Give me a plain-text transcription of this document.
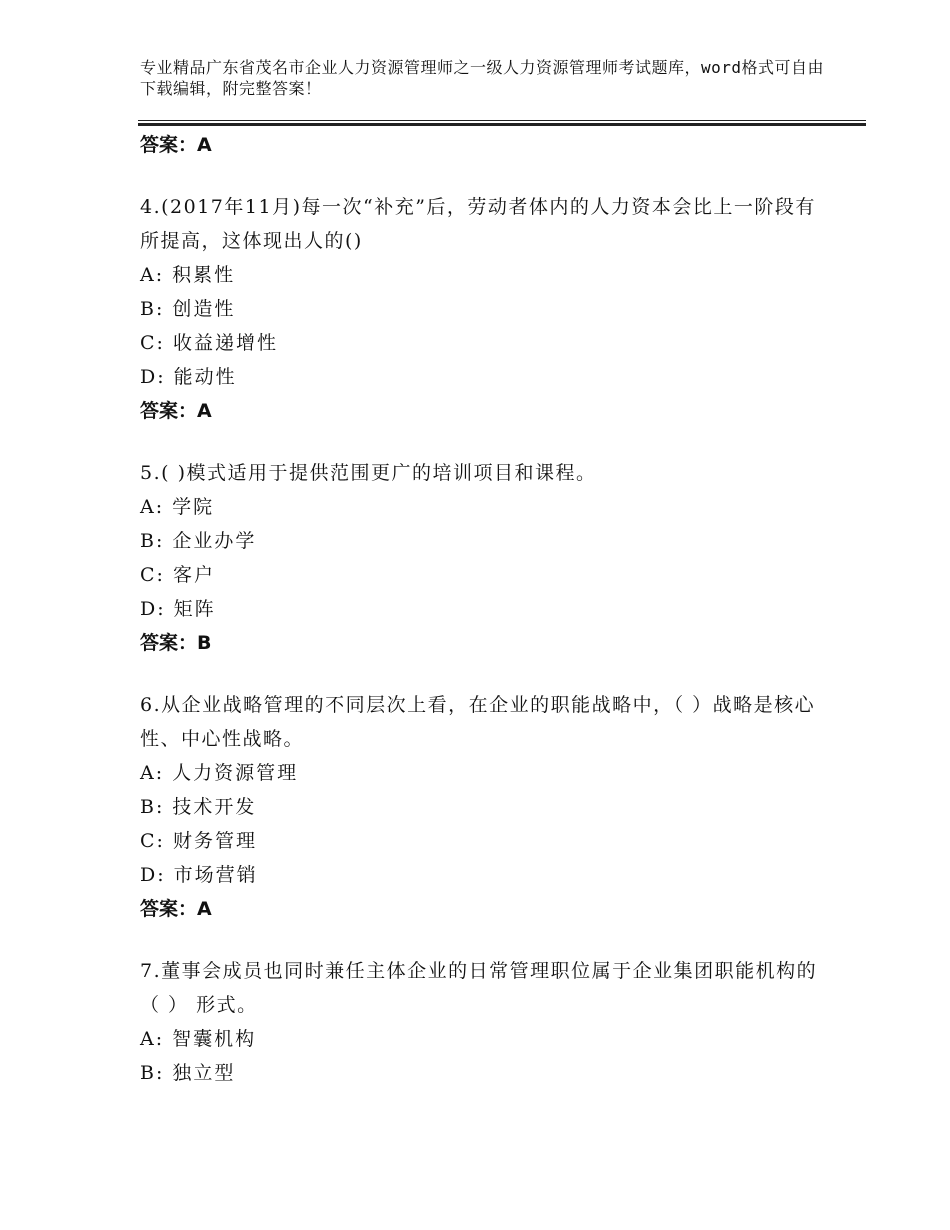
专业精品广东省茂名市企业人力资源管理师之一级人力资源管理师考试题库，word格式可自由下载编辑，附完整答案！

答案：A

4.(2017年11月)每一次“补充”后，劳动者体内的人力资本会比上一阶段有所提高，这体现出人的()

A: 积累性

B: 创造性

C: 收益递增性

D: 能动性

答案：A

5.( )模式适用于提供范围更广的培训项目和课程。

A: 学院

B: 企业办学

C: 客户

D: 矩阵

答案：B

6.从企业战略管理的不同层次上看，在企业的职能战略中，（ ）战略是核心性、中心性战略。

A: 人力资源管理

B: 技术开发

C: 财务管理

D: 市场营销

答案：A

7.董事会成员也同时兼任主体企业的日常管理职位属于企业集团职能机构的（ ） 形式。

A: 智囊机构

B: 独立型
